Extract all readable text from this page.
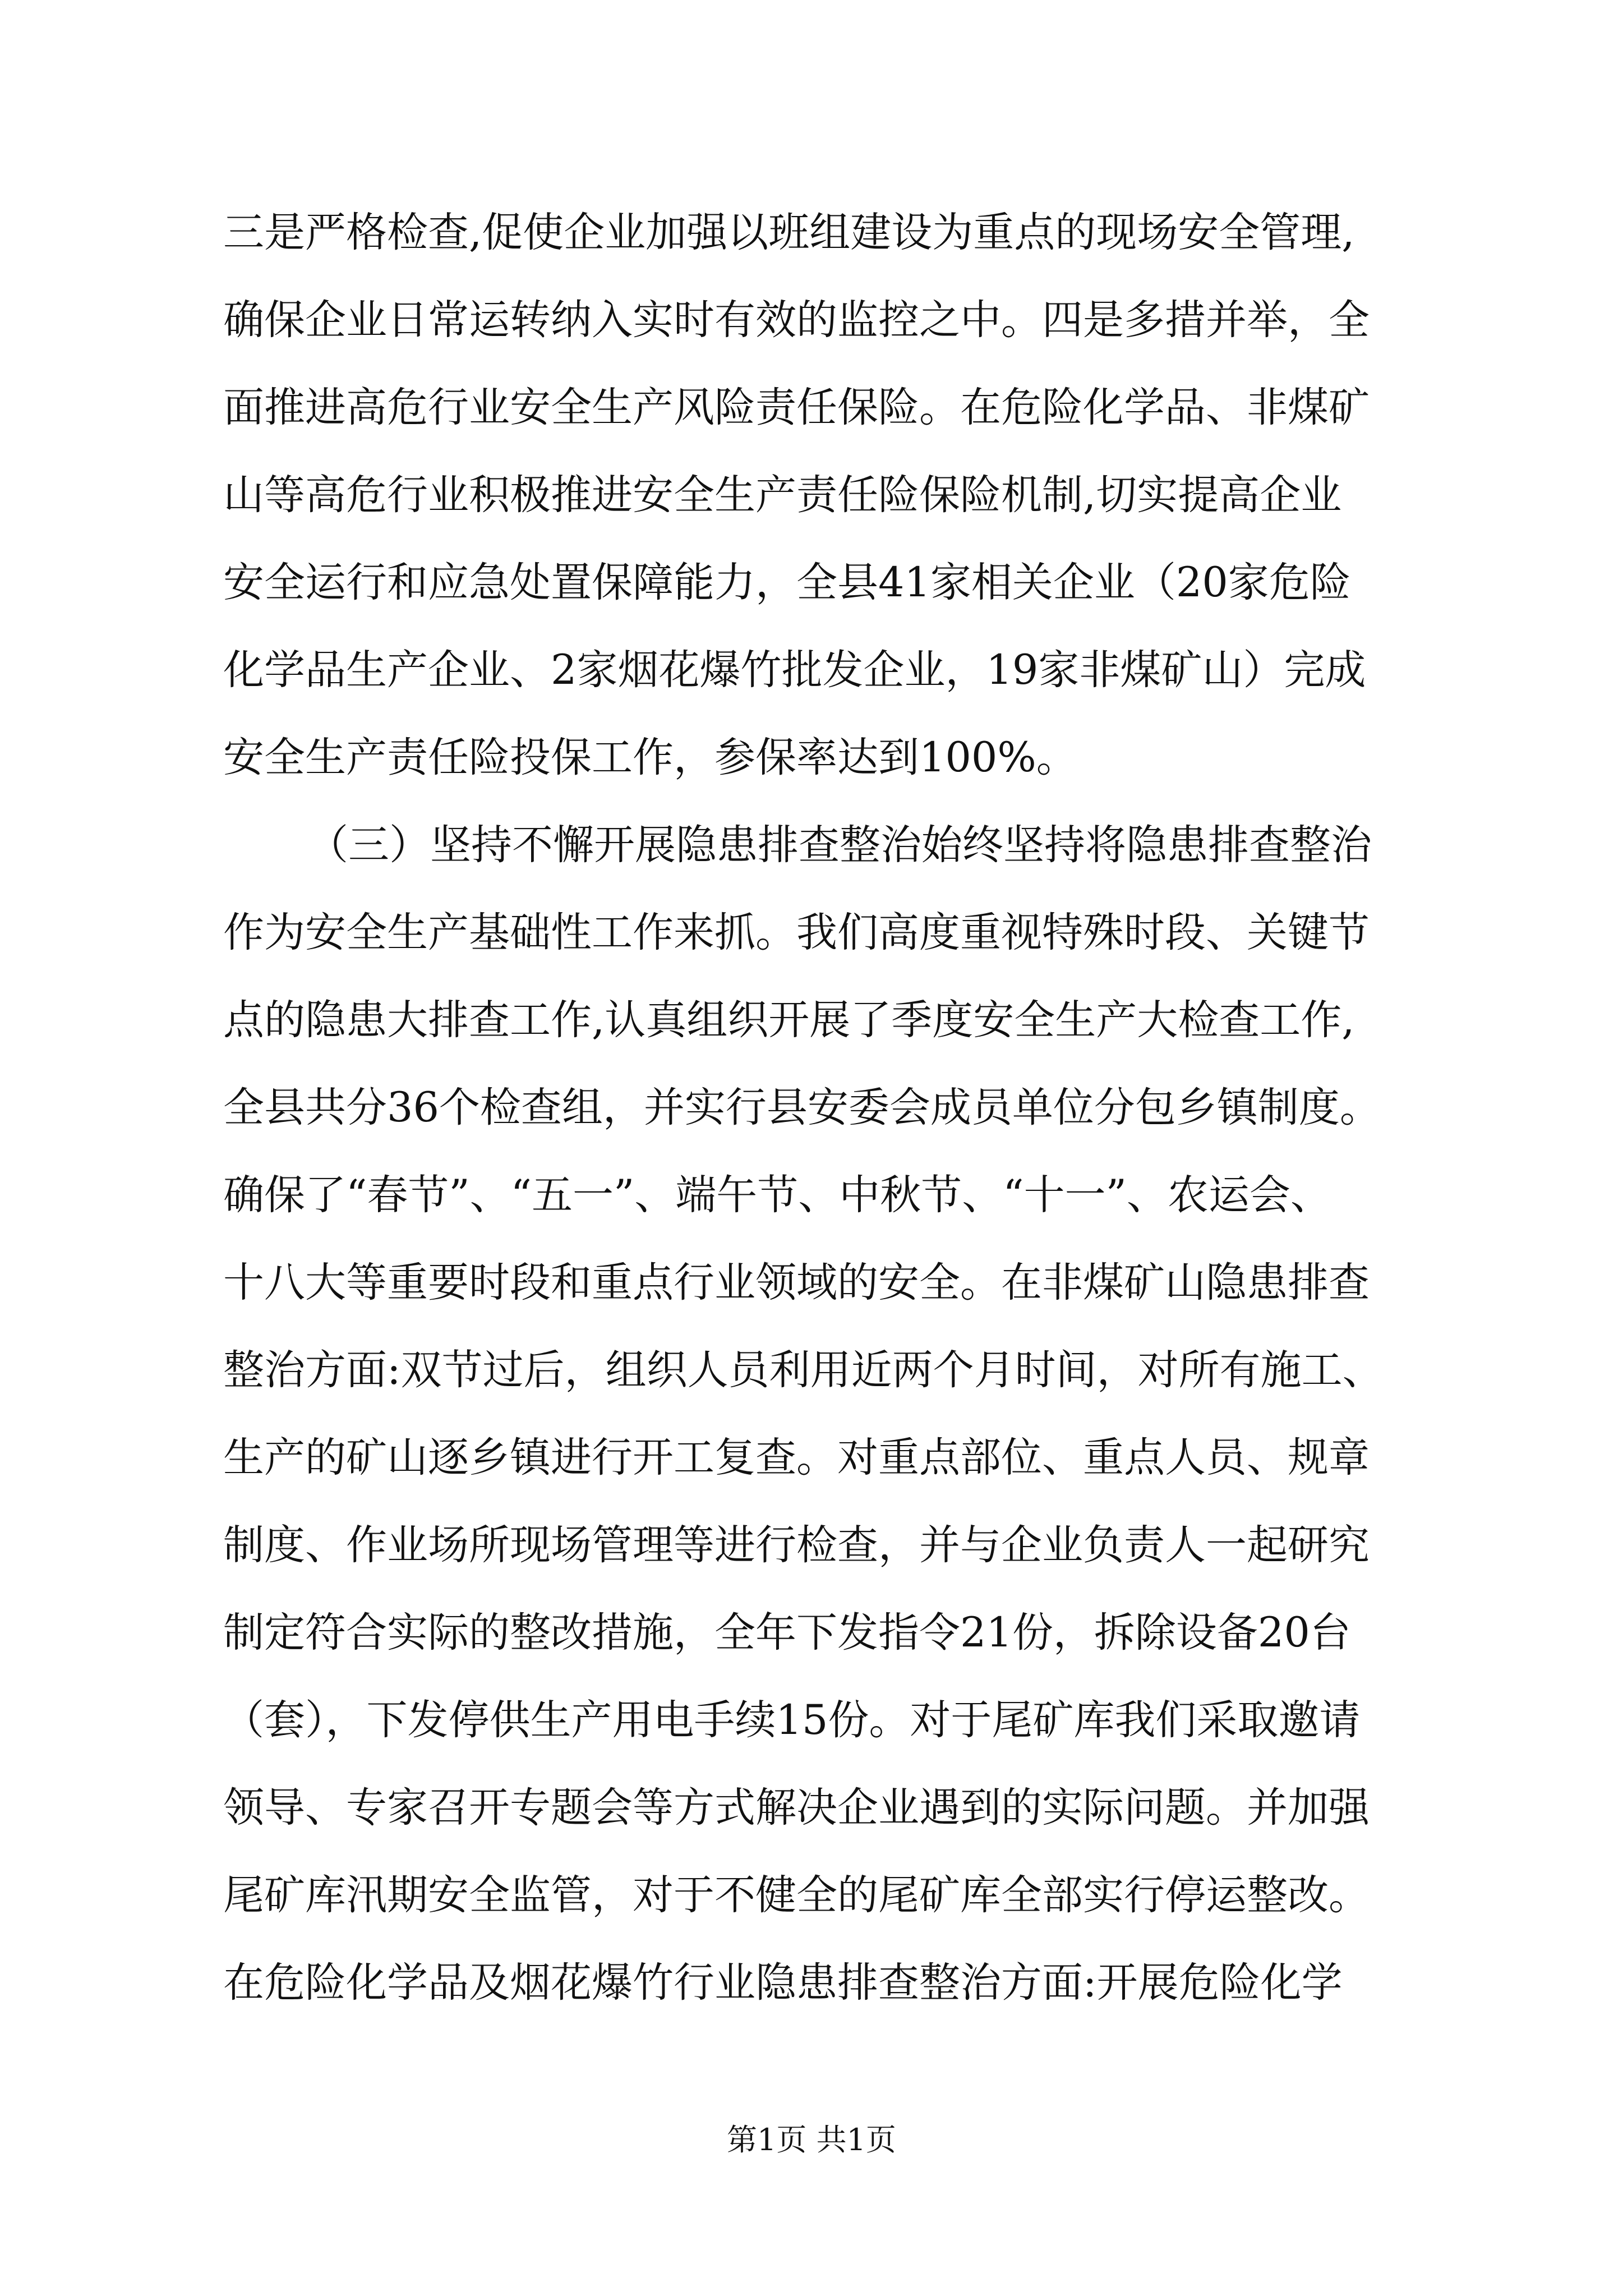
三是严格检查,促使企业加强以班组建设为重点的现场安全管理,
确保企业日常运转纳入实时有效的监控之中。四是多措并举，全
面推进高危行业安全生产风险责任保险。在危险化学品、非煤矿
山等高危行业积极推进安全生产责任险保险机制,切实提高企业
安全运行和应急处置保障能力，全县41家相关企业（20家危险
化学品生产企业、2家烟花爆竹批发企业，19家非煤矿山）完成
安全生产责任险投保工作，参保率达到100%。
（三）坚持不懈开展隐患排查整治始终坚持将隐患排查整治
作为安全生产基础性工作来抓。我们高度重视特殊时段、关键节
点的隐患大排查工作,认真组织开展了季度安全生产大检查工作,
全县共分36个检查组，并实行县安委会成员单位分包乡镇制度。
确保了“春节”、“五一”、端午节、中秋节、“十一”、农运会、
十八大等重要时段和重点行业领域的安全。在非煤矿山隐患排查
整治方面:双节过后，组织人员利用近两个月时间，对所有施工、
生产的矿山逐乡镇进行开工复查。对重点部位、重点人员、规章
制度、作业场所现场管理等进行检查，并与企业负责人一起研究
制定符合实际的整改措施，全年下发指令21份，拆除设备20台
（套），下发停供生产用电手续15份。对于尾矿库我们采取邀请
领导、专家召开专题会等方式解决企业遇到的实际问题。并加强
尾矿库汛期安全监管，对于不健全的尾矿库全部实行停运整改。
在危险化学品及烟花爆竹行业隐患排查整治方面:开展危险化学
第1页 共1页
